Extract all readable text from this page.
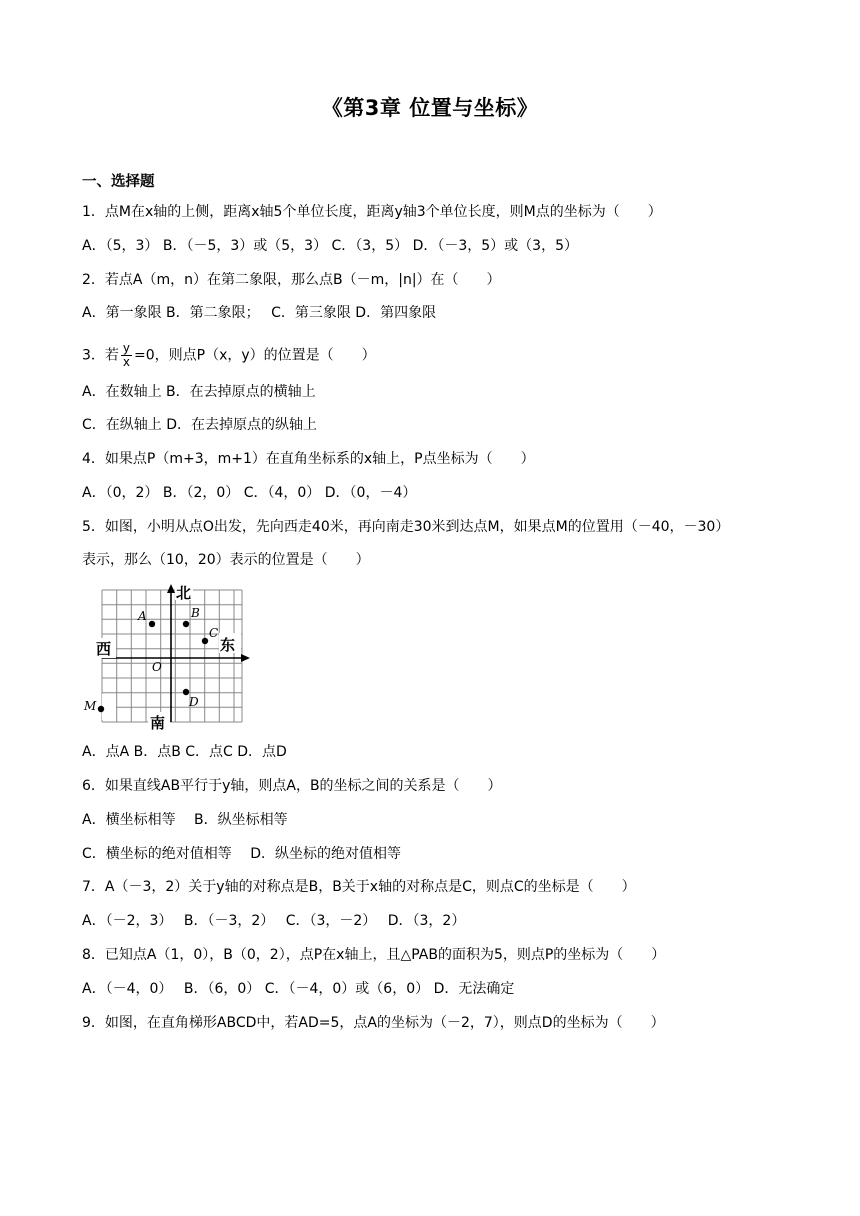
《第3章 位置与坐标》
一、选择题
1．点M在x轴的上侧，距离x轴5个单位长度，距离y轴3个单位长度，则M点的坐标为（　　）
A．（5，3） B．（－5，3）或（5，3） C．（3，5） D．（－3，5）或（3，5）
2．若点A（m，n）在第二象限，那么点B（－m，|n|）在（　　）
A．第一象限 B．第二象限；　 C．第三象限 D．第四象限
3．若 $\frac{y}{x} =0$，则点P（x，y）的位置是（　　）
A．在数轴上 B．在去掉原点的横轴上
C．在纵轴上 D．在去掉原点的纵轴上
4．如果点P（m+3，m+1）在直角坐标系的x轴上，P点坐标为（　　）
A．（0，2） B．（2，0） C．（4，0） D．（0，－4）
5．如图，小明从点O出发，先向西走40米，再向南走30米到达点M，如果点M的位置用（－40，－30）
表示，那么（10，20）表示的位置是（　　）
北
东
西
南
A	B
C
D
O
M
A．点A B．点B C．点C D．点D
6．如果直线AB平行于y轴，则点A，B的坐标之间的关系是（　　）
A．横坐标相等　 B．纵坐标相等
C．横坐标的绝对值相等　 D．纵坐标的绝对值相等
7．A（－3，2）关于y轴的对称点是B，B关于x轴的对称点是C，则点C的坐标是（　　）
A．（－2，3）　 B．（－3，2）　 C．（3，－2）　 D．（3，2）
8．已知点A（1，0），B（0，2），点P在x轴上，且△PAB的面积为5，则点P的坐标为（　　）
A．（－4，0）　 B．（6，0） C．（－4，0）或（6，0） D．无法确定
9．如图，在直角梯形ABCD中，若AD=5，点A的坐标为（－2，7），则点D的坐标为（　　）
